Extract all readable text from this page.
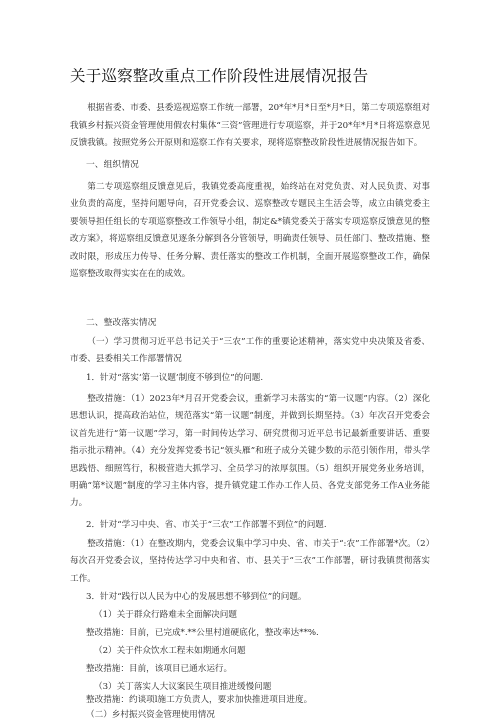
关于巡察整改重点工作阶段性进展情况报告
根据省委、市委、县委巡视巡察工作统一部署，20*年*月*日至*月*日，第二专项巡察组对我镇乡村振兴资金管理使用假农村集体“三资”管理进行专项巡察，并于20*年*月*日将巡察意见反馈我镇。按照党务公开原则和巡察工作有关要求，现将巡察整改阶段性进展情况报告如下。
一、组织情况
第二专项巡察组反馈意见后，我镇党委高度重视，始终站在对党负责、对人民负责、对事业负责的高度，坚持问题导向，召开党委会议、巡察整改专题民主生活会等，成立由镇党委主要领导担任组长的专项巡察整改工作领导小组，制定&*镇党委关于落实专项巡察反馈意见的整改方案》，将巡察组反馈意见逐条分解到各分管领导，明确责任领导、员任部门、整改措施、整改时限，形成压力传导、任务分解、责任落实的整改工作机制，全面开展巡察整改工作，确保巡察整改取得实实在在的成效。
二、整改落实情况
（一）学习贯彻习近平总书记关于“三农”工作的重要论述精神，落实党中央决策及省委、市委、县委相关工作部署情况
1．针对“落实‘第一议题’制度不够到位”的问题.
整改措施：（1）2023年*月召开党委会议，重新学习未落实的“第一议题”内容。（2）深化思想认识，提高政治站位，规范落实“第一议题”制度，并做到长期坚持。（3）年次召开党委会议首先进行“第一议题”学习，第一时间传达学习、研究贯彻习近平总书记最新重要讲话、重要指示批示精神。（4）充分发挥党委书记“领头雁”和班子成分关键少数的示范引领作用，带头学思践悟、细照笃行，积极营造大抓学习、全员学习的浓厚氛围。（5）组织开展党务业务培训，明确“第*议题”制度的学习主体内容，提升镇党建工作办工作人员、各党支部党务工作A业务能力。
2．针对“学习中央、省、市关于“三农”工作部署不到位”的问题.
整改措施：（1）在整改期内，党委会议集中学习中央、省、市关于“:农”工作部署*次。（2）每次召开党委会议，坚持传达学习中央和省、市、县关于“三农”工作部署，研讨我镇贯彻落实工作。
3．针对“践行以人民为中心的发展思想不够到位”的问题。
（1）关于群众行路难未全面解决问题
整改措施：目前，已完成*.**公里村道硬底化，整改率达**%.
（2）关于件众饮水工程未如期通水问题
整改措施：目前，该项目已通水运行。
（3）关丁落实人大议案民生项目推进缓慢问题
整改措施：约谈项l施工方负责人，要求加快推进项目进度。
（二）乡村振兴资金管理使用情况
